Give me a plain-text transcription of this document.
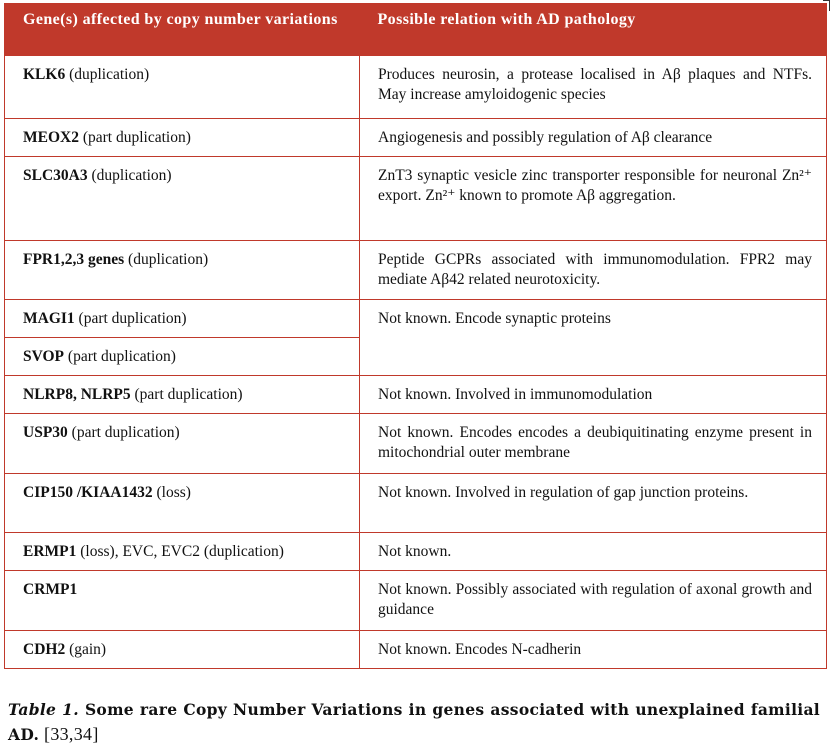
Gene(s) affected by copy number variations	Possible relation with AD pathology
KLK6 (duplication)	Produces neurosin, a protease localised in Aβ plaques and NTFs. May increase amyloidogenic species
MEOX2 (part duplication)	Angiogenesis and possibly regulation of Aβ clearance
SLC30A3 (duplication)	ZnT3 synaptic vesicle zinc transporter responsible for neuronal Zn²⁺ export. Zn²⁺ known to promote Aβ aggregation.
FPR1,2,3 genes (duplication)	Peptide GCPRs associated with immunomodulation. FPR2 may mediate Aβ42 related neurotoxicity.
MAGI1 (part duplication)	Not known. Encode synaptic proteins
SVOP (part duplication)	
NLRP8, NLRP5 (part duplication)	Not known. Involved in immunomodulation
USP30 (part duplication)	Not known. Encodes encodes a deubiquitinating enzyme present in mitochondrial outer membrane
CIP150 /KIAA1432 (loss)	Not known. Involved in regulation of gap junction proteins.
ERMP1 (loss), EVC, EVC2 (duplication)	Not known.
CRMP1	Not known. Possibly associated with regulation of axonal growth and guidance
CDH2 (gain)	Not known. Encodes N-cadherin
Table 1. Some rare Copy Number Variations in genes associated with unexplained familial AD. [33,34]
